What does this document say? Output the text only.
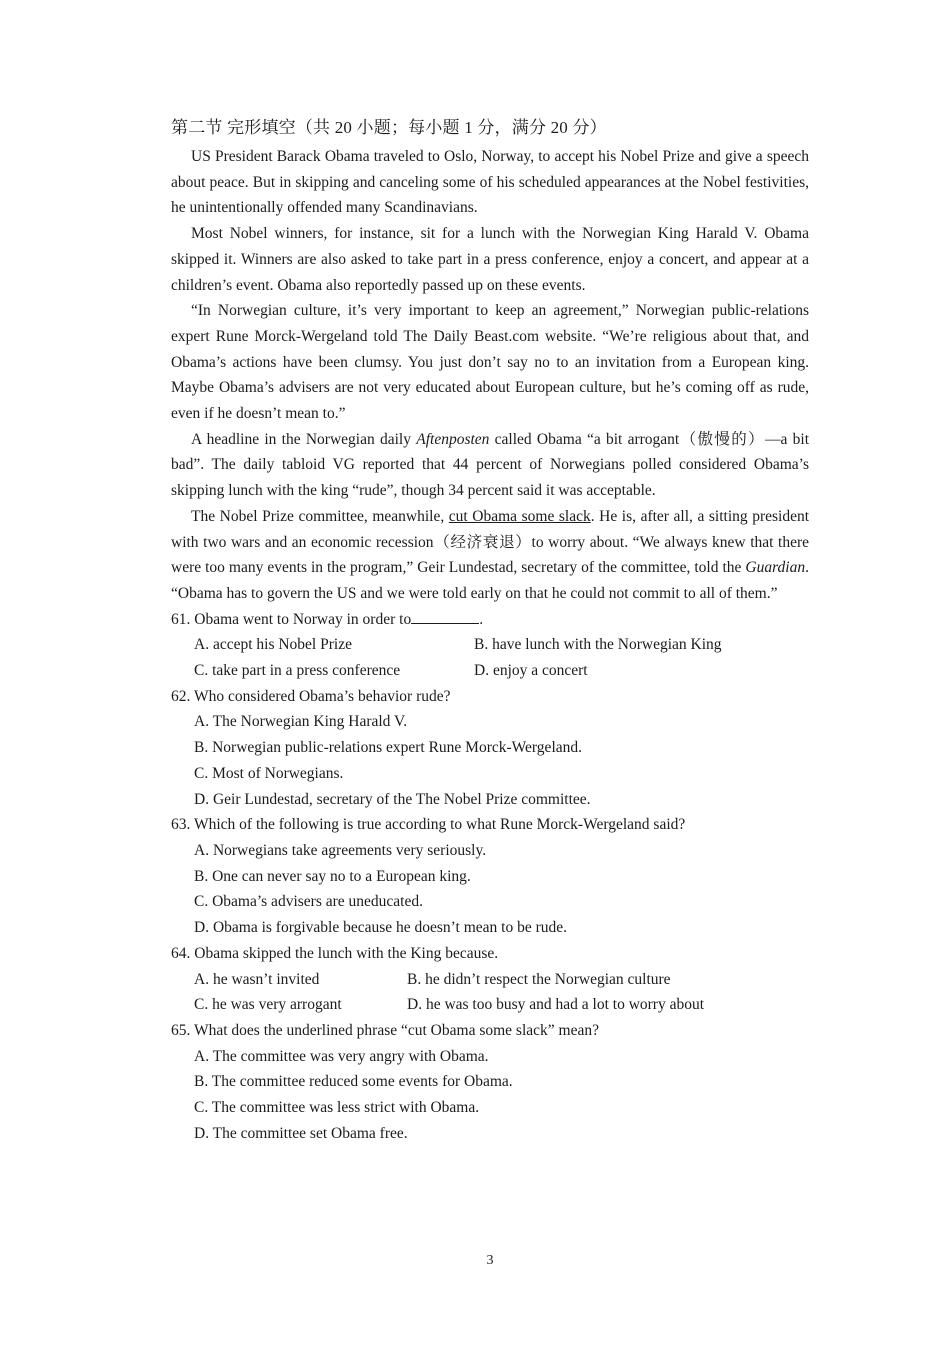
第二节 完形填空（共 20 小题；每小题 1 分，满分 20 分）

US President Barack Obama traveled to Oslo, Norway, to accept his Nobel Prize and give a speech about peace. But in skipping and canceling some of his scheduled appearances at the Nobel festivities, he unintentionally offended many Scandinavians.

Most Nobel winners, for instance, sit for a lunch with the Norwegian King Harald V. Obama skipped it. Winners are also asked to take part in a press conference, enjoy a concert, and appear at a children’s event. Obama also reportedly passed up on these events.

“In Norwegian culture, it’s very important to keep an agreement,” Norwegian public-relations expert Rune Morck-Wergeland told The Daily Beast.com website. “We’re religious about that, and Obama’s actions have been clumsy. You just don’t say no to an invitation from a European king. Maybe Obama’s advisers are not very educated about European culture, but he’s coming off as rude, even if he doesn’t mean to.”

A headline in the Norwegian daily Aftenposten called Obama “a bit arrogant（傲慢的）—a bit bad”. The daily tabloid VG reported that 44 percent of Norwegians polled considered Obama’s skipping lunch with the king “rude”, though 34 percent said it was acceptable.

The Nobel Prize committee, meanwhile, cut Obama some slack. He is, after all, a sitting president with two wars and an economic recession（经济衰退）to worry about. “We always knew that there were too many events in the program,” Geir Lundestad, secretary of the committee, told the Guardian. “Obama has to govern the US and we were told early on that he could not commit to all of them.”

61. Obama went to Norway in order to	.

A. accept his Nobel Prize	B. have lunch with the Norwegian King
C. take part in a press conference	D. enjoy a concert

62. Who considered Obama’s behavior rude?

A. The Norwegian King Harald V.

B. Norwegian public-relations expert Rune Morck-Wergeland.

C. Most of Norwegians.

D. Geir Lundestad, secretary of the The Nobel Prize committee.

63. Which of the following is true according to what Rune Morck-Wergeland said?

A. Norwegians take agreements very seriously.

B. One can never say no to a European king.

C. Obama’s advisers are uneducated.

D. Obama is forgivable because he doesn’t mean to be rude.

64. Obama skipped the lunch with the King because.

A. he wasn’t invited	B. he didn’t respect the Norwegian culture
C. he was very arrogant	D. he was too busy and had a lot to worry about

65. What does the underlined phrase “cut Obama some slack” mean?

A. The committee was very angry with Obama.

B. The committee reduced some events for Obama.

C. The committee was less strict with Obama.

D. The committee set Obama free.

3
